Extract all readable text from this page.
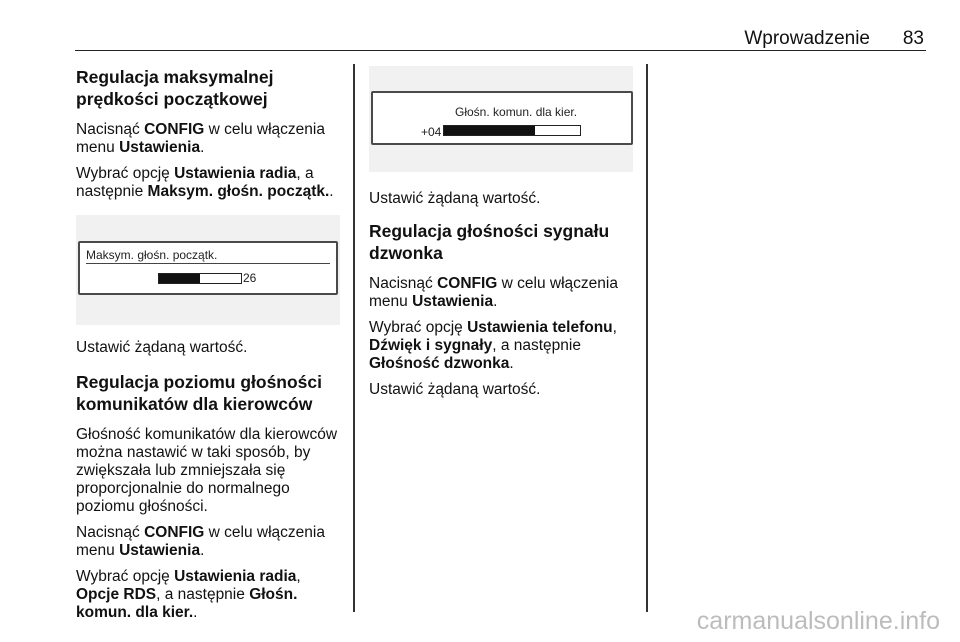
Wprowadzenie 83
Regulacja maksymalnej prędkości początkowej

Nacisnąć CONFIG w celu włączenia menu Ustawienia.

Wybrać opcję Ustawienia radia, a następnie Maksym. głośn. początk..

Maksym. głośn. początk.
26

Ustawić żądaną wartość.

Regulacja poziomu głośności komunikatów dla kierowców

Głośność komunikatów dla kierowców można nastawić w taki sposób, by zwiększała lub zmniejszała się proporcjonalnie do normalnego poziomu głośności.

Nacisnąć CONFIG w celu włączenia menu Ustawienia.

Wybrać opcję Ustawienia radia, Opcje RDS, a następnie Głośn. komun. dla kier..

Głośn. komun. dla kier.
+04

Ustawić żądaną wartość.

Regulacja głośności sygnału dzwonka

Nacisnąć CONFIG w celu włączenia menu Ustawienia.

Wybrać opcję Ustawienia telefonu, Dźwięk i sygnały, a następnie Głośność dzwonka.

Ustawić żądaną wartość.

carmanualsonline.info
